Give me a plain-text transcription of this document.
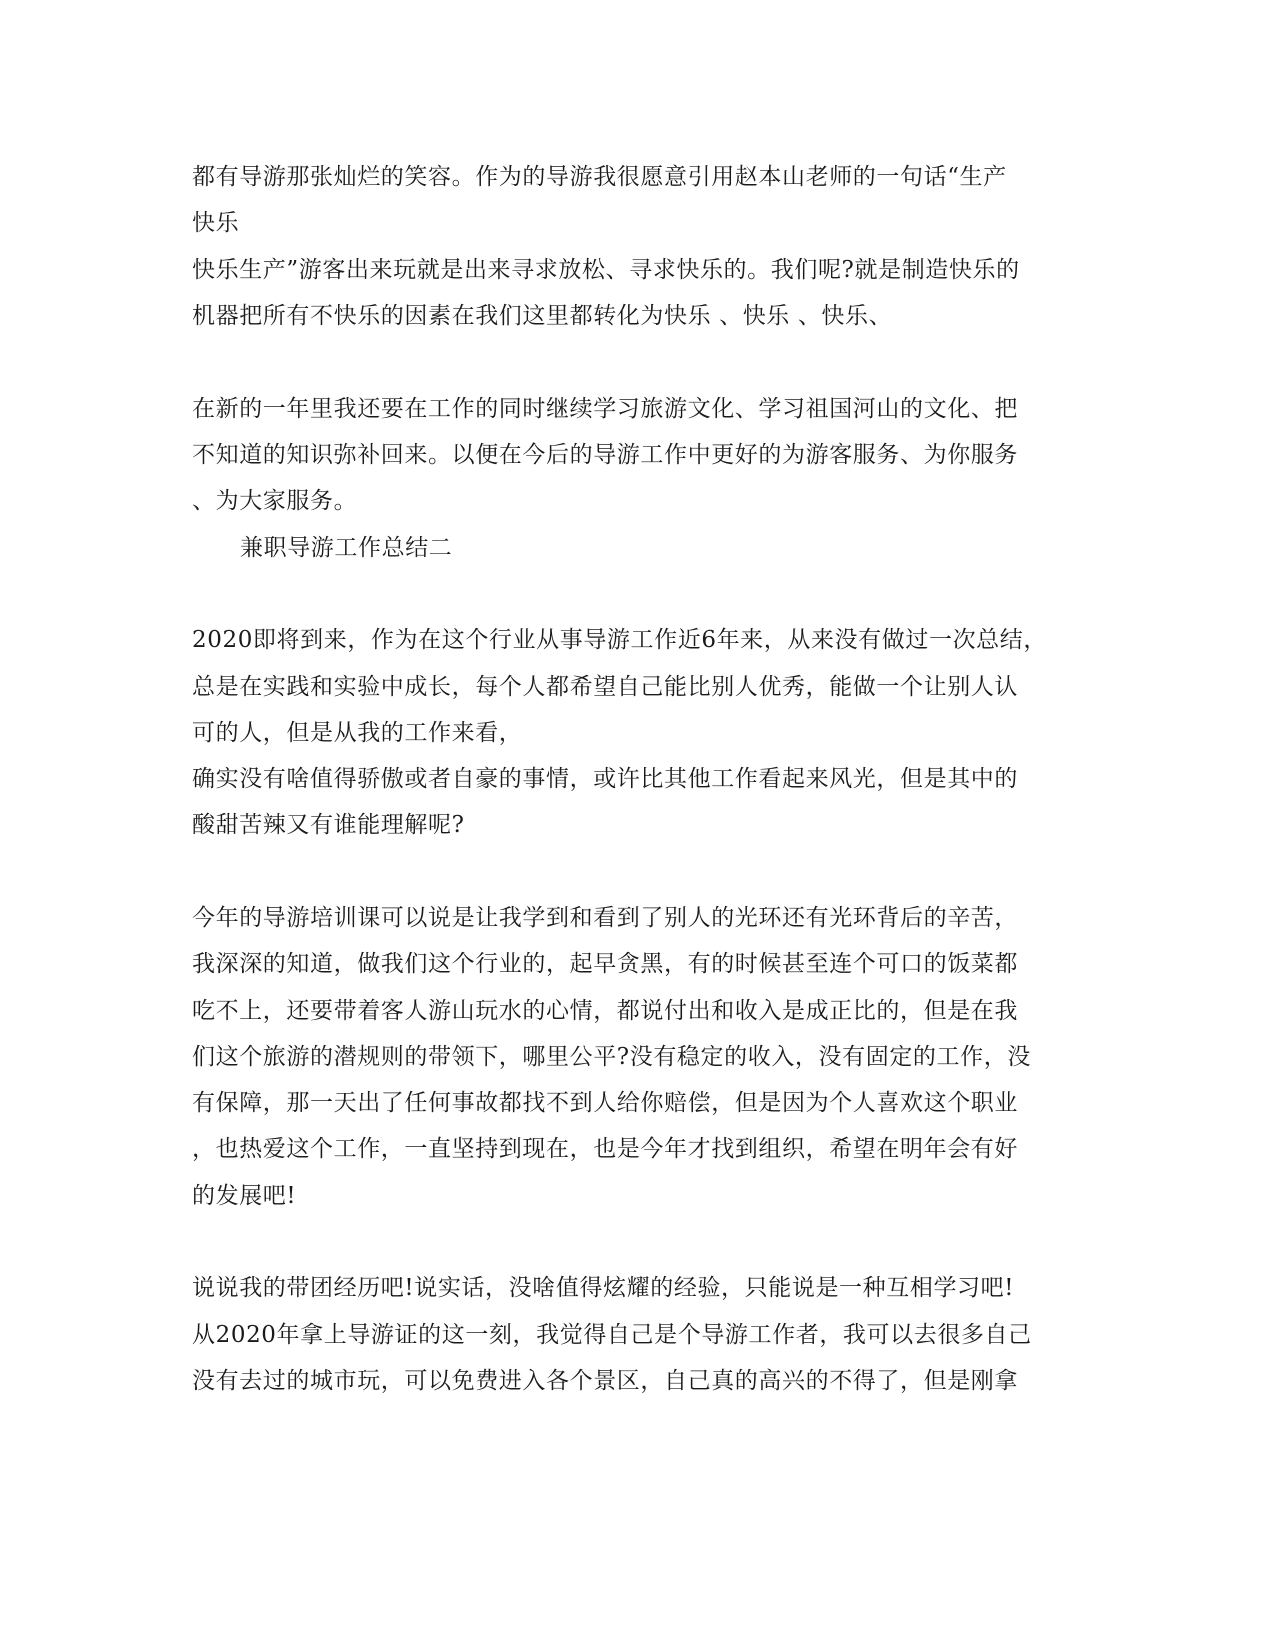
都有导游那张灿烂的笑容。作为的导游我很愿意引用赵本山老师的一句话“生产
快乐
快乐生产”游客出来玩就是出来寻求放松、寻求快乐的。我们呢?就是制造快乐的
机器把所有不快乐的因素在我们这里都转化为快乐 、快乐 、快乐、
在新的一年里我还要在工作的同时继续学习旅游文化、学习祖国河山的文化、把
不知道的知识弥补回来。以便在今后的导游工作中更好的为游客服务、为你服务
、为大家服务。
兼职导游工作总结二
2020即将到来，作为在这个行业从事导游工作近6年来，从来没有做过一次总结，
总是在实践和实验中成长，每个人都希望自己能比别人优秀，能做一个让别人认
可的人，但是从我的工作来看，
确实没有啥值得骄傲或者自豪的事情，或许比其他工作看起来风光，但是其中的
酸甜苦辣又有谁能理解呢?
今年的导游培训课可以说是让我学到和看到了别人的光环还有光环背后的辛苦，
我深深的知道，做我们这个行业的，起早贪黑，有的时候甚至连个可口的饭菜都
吃不上，还要带着客人游山玩水的心情，都说付出和收入是成正比的，但是在我
们这个旅游的潜规则的带领下，哪里公平?没有稳定的收入，没有固定的工作，没
有保障，那一天出了任何事故都找不到人给你赔偿，但是因为个人喜欢这个职业
，也热爱这个工作，一直坚持到现在，也是今年才找到组织，希望在明年会有好
的发展吧!
说说我的带团经历吧!说实话，没啥值得炫耀的经验，只能说是一种互相学习吧!
从2020年拿上导游证的这一刻，我觉得自己是个导游工作者，我可以去很多自己
没有去过的城市玩，可以免费进入各个景区，自己真的高兴的不得了，但是刚拿
